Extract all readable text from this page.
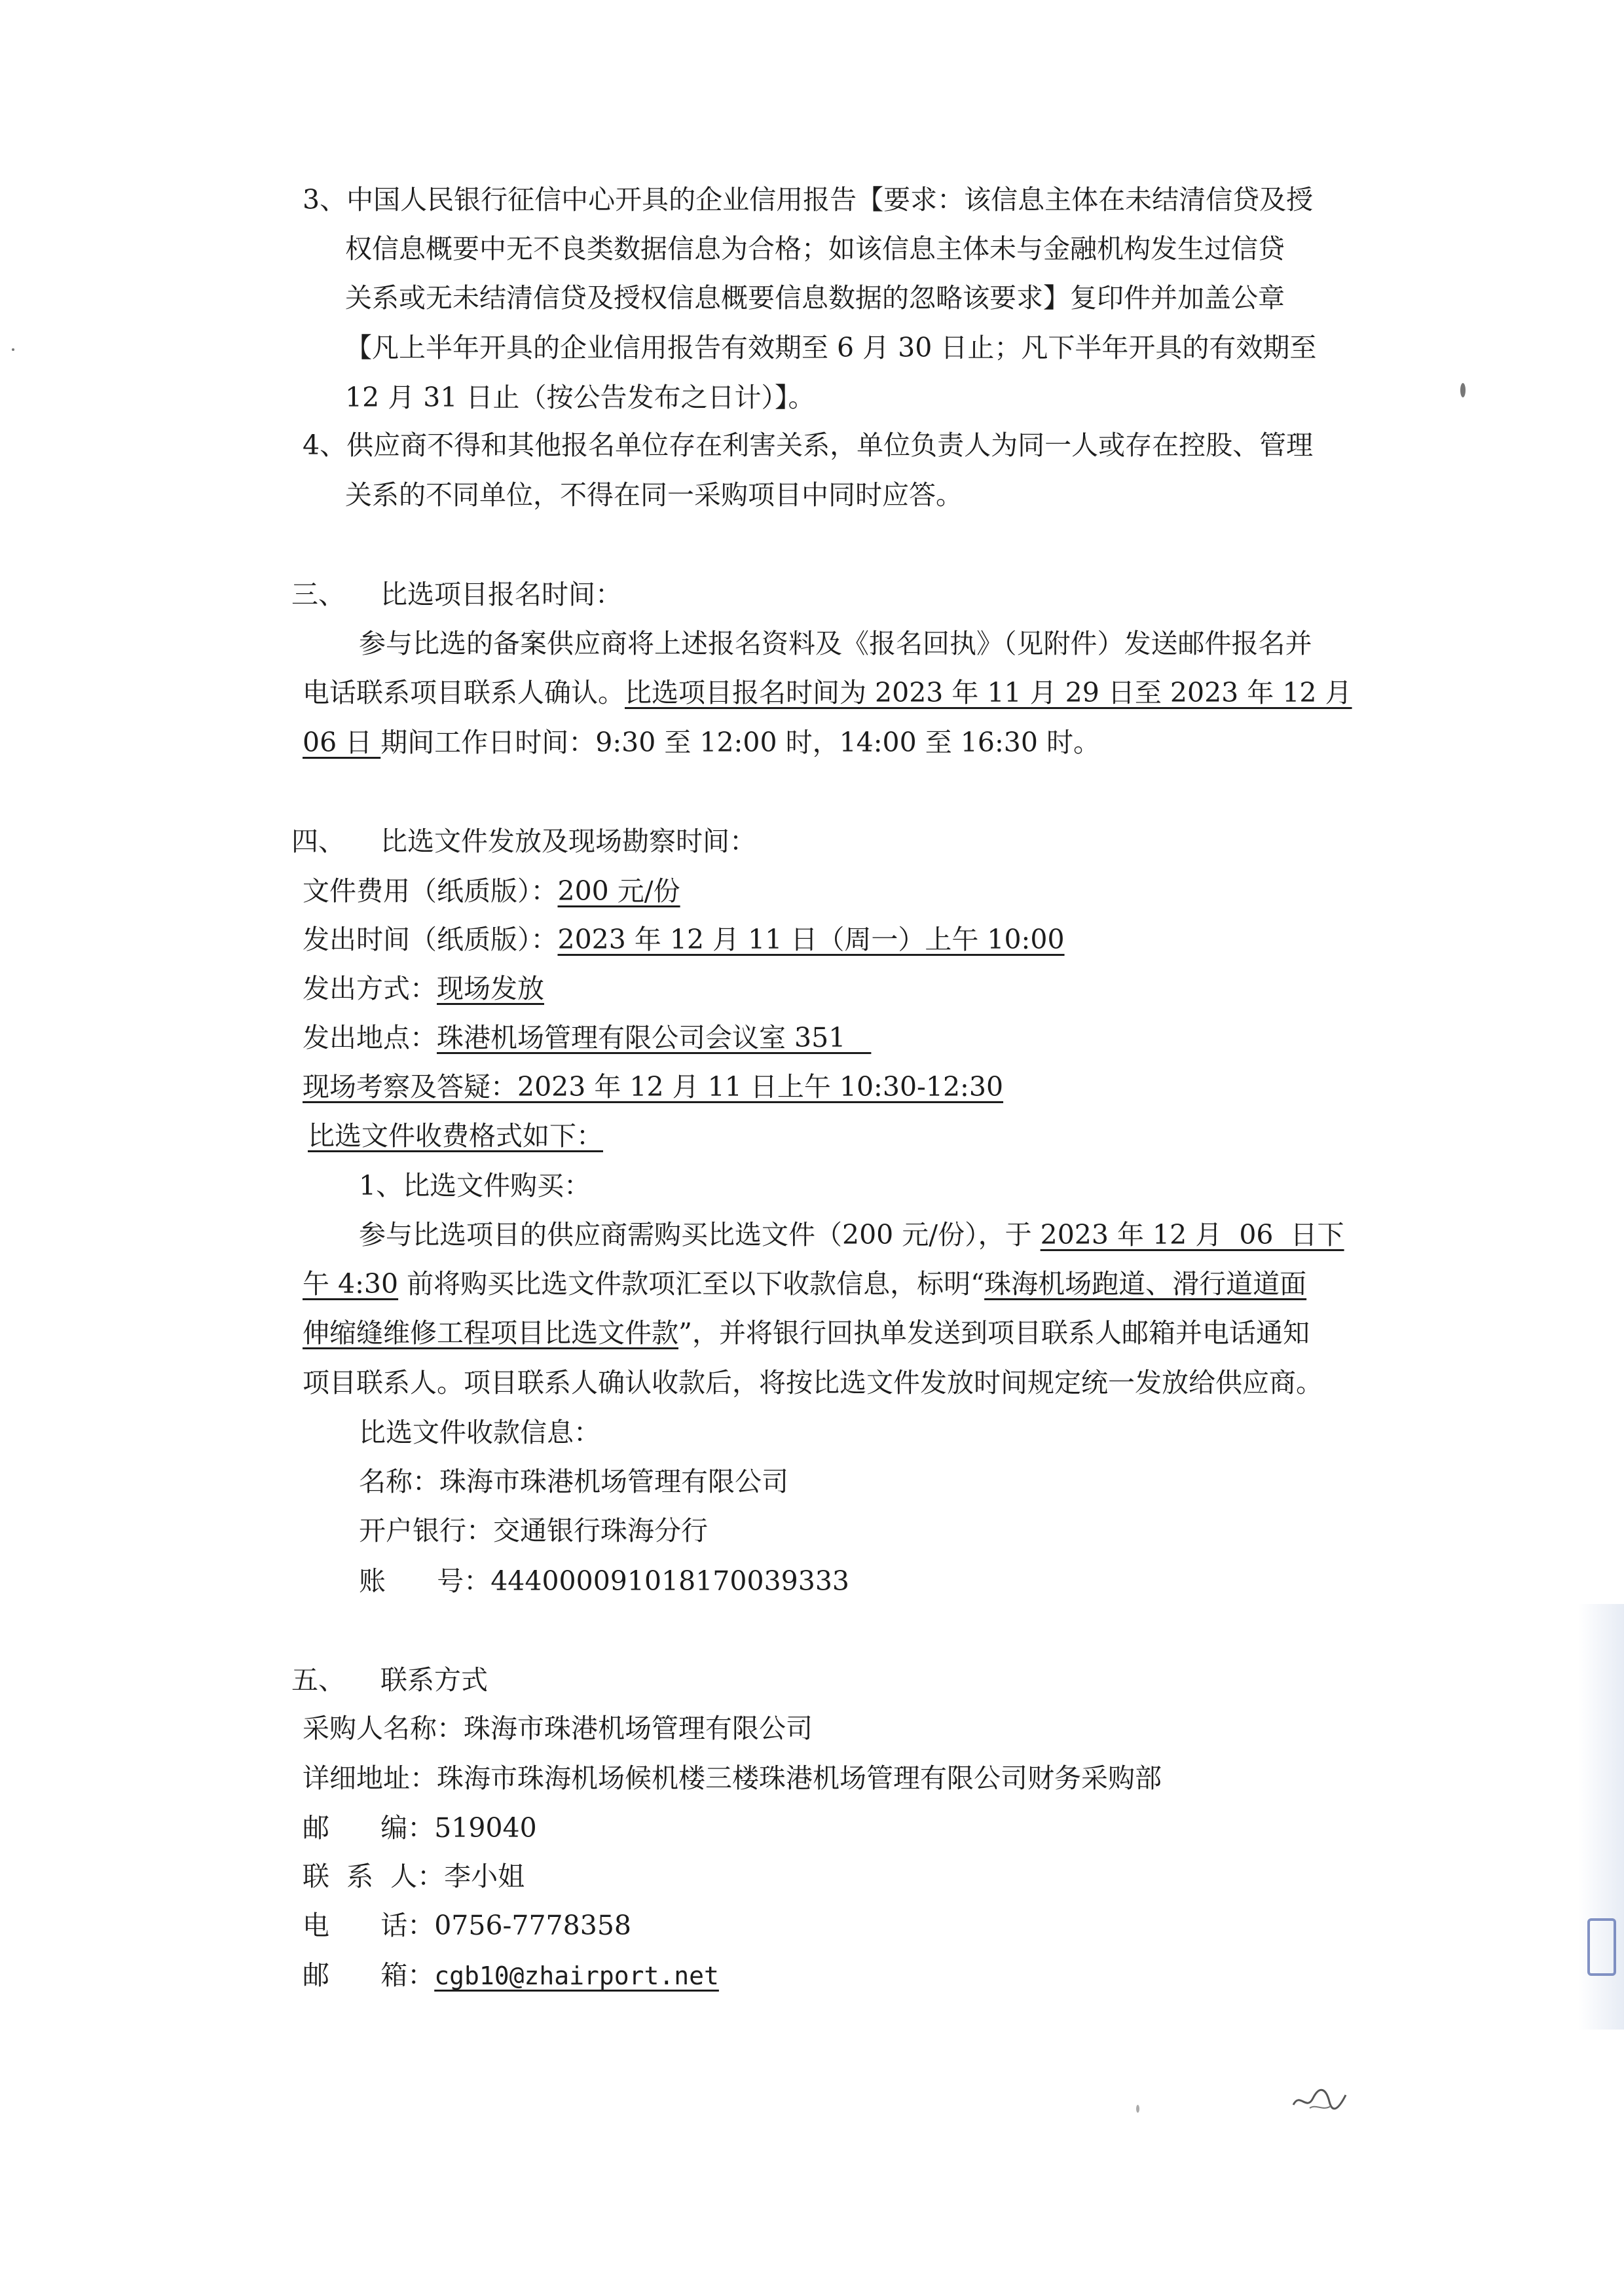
3、中国人民银行征信中心开具的企业信用报告【要求：该信息主体在未结清信贷及授
权信息概要中无不良类数据信息为合格；如该信息主体未与金融机构发生过信贷
关系或无未结清信贷及授权信息概要信息数据的忽略该要求】复印件并加盖公章
【凡上半年开具的企业信用报告有效期至 6 月 30 日止；凡下半年开具的有效期至
12 月 31 日止（按公告发布之日计）】。
4、供应商不得和其他报名单位存在利害关系，单位负责人为同一人或存在控股、管理
关系的不同单位，不得在同一采购项目中同时应答。
三、 比选项目报名时间：
参与比选的备案供应商将上述报名资料及《报名回执》（见附件）发送邮件报名并
电话联系项目联系人确认。比选项目报名时间为 2023 年 11 月 29 日至 2023 年 12 月
06 日 期间工作日时间：9:30 至 12:00 时，14:00 至 16:30 时。
四、 比选文件发放及现场勘察时间：
文件费用（纸质版）：200 元/份
发出时间（纸质版）：2023 年 12 月 11 日（周一）上午 10:00
发出方式：现场发放
发出地点：珠港机场管理有限公司会议室 351
现场考察及答疑：2023 年 12 月 11 日上午 10:30-12:30
比选文件收费格式如下：
1、比选文件购买：
参与比选项目的供应商需购买比选文件（200 元/份），于 2023 年 12 月  06  日下
午 4:30 前将购买比选文件款项汇至以下收款信息，标明“珠海机场跑道、滑行道道面
伸缩缝维修工程项目比选文件款”，并将银行回执单发送到项目联系人邮箱并电话通知
项目联系人。项目联系人确认收款后，将按比选文件发放时间规定统一发放给供应商。
比选文件收款信息：
名称：珠海市珠港机场管理有限公司
开户银行：交通银行珠海分行
账      号：444000091018170039333
五、 联系方式
采购人名称：珠海市珠港机场管理有限公司
详细地址：珠海市珠海机场候机楼三楼珠港机场管理有限公司财务采购部
邮      编：519040
联  系  人：李小姐
电      话：0756-7778358
邮      箱：cgb10@zhairport.net
